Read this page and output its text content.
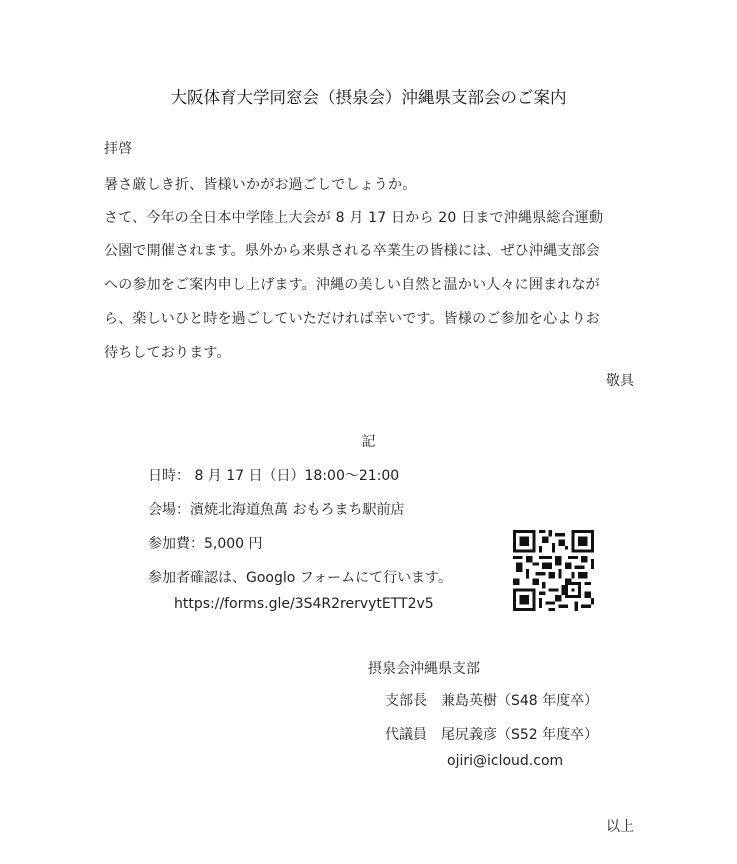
大阪体育大学同窓会（摂泉会）沖縄県支部会のご案内
拝啓
暑さ厳しき折、皆様いかがお過ごしでしょうか。
さて、今年の全日本中学陸上大会が 8 月 17 日から 20 日まで沖縄県総合運動
公園で開催されます。県外から来県される卒業生の皆様には、ぜひ沖縄支部会
への参加をご案内申し上げます。沖縄の美しい自然と温かい人々に囲まれなが
ら、楽しいひと時を過ごしていただければ幸いです。皆様のご参加を心よりお
待ちしております。
敬具
記
日時： 8 月 17 日（日）18:00～21:00
会場：濱焼北海道魚萬 おもろまち駅前店
参加費：5,000 円
参加者確認は、Googlo フォームにて行います。
https://forms.gle/3S4R2rervytETT2v5
摂泉会沖縄県支部
支部長　兼島英樹（S48 年度卒）
代議員　尾尻義彦（S52 年度卒）
ojiri@icloud.com
以上
